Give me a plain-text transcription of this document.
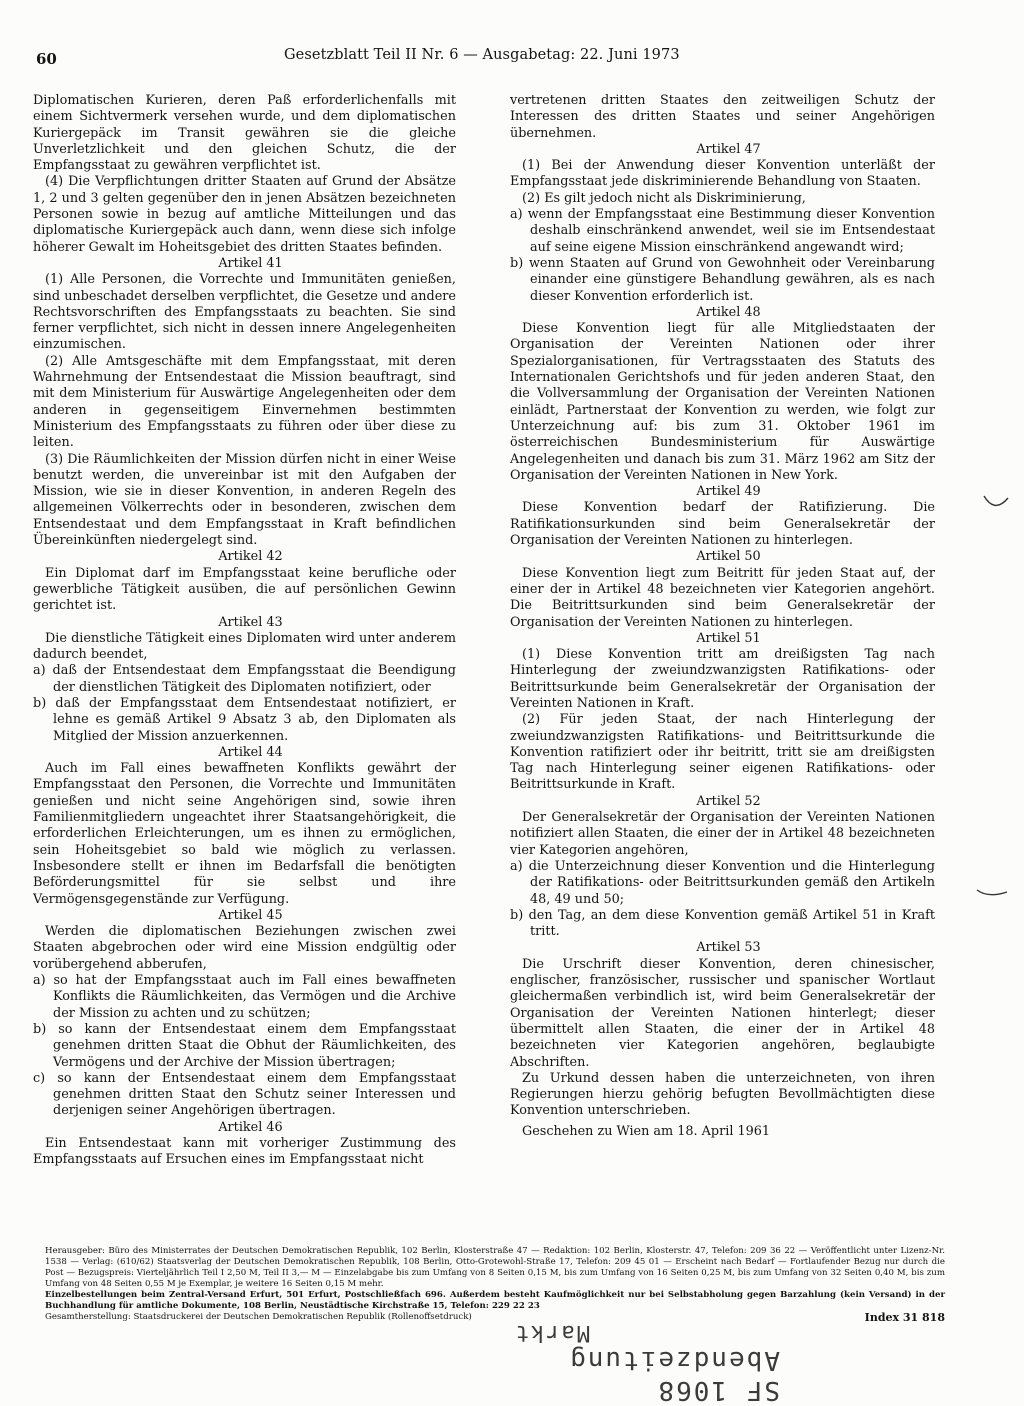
60	Gesetzblatt Teil II Nr. 6 — Ausgabetag: 22. Juni 1973

Diplomatischen Kurieren, deren Paß erforderlichenfalls mit einem Sichtvermerk versehen wurde, und dem diplomatischen Kuriergepäck im Transit gewähren sie die gleiche Unverletzlichkeit und den gleichen Schutz, die der Empfangsstaat zu gewähren verpflichtet ist.

(4) Die Verpflichtungen dritter Staaten auf Grund der Absätze 1, 2 und 3 gelten gegenüber den in jenen Absätzen bezeichneten Personen sowie in bezug auf amtliche Mitteilungen und das diplomatische Kuriergepäck auch dann, wenn diese sich infolge höherer Gewalt im Hoheitsgebiet des dritten Staates befinden.

Artikel 41

(1) Alle Personen, die Vorrechte und Immunitäten genießen, sind unbeschadet derselben verpflichtet, die Gesetze und andere Rechtsvorschriften des Empfangsstaats zu beachten. Sie sind ferner verpflichtet, sich nicht in dessen innere Angelegenheiten einzumischen.

(2) Alle Amtsgeschäfte mit dem Empfangsstaat, mit deren Wahrnehmung der Entsendestaat die Mission beauftragt, sind mit dem Ministerium für Auswärtige Angelegenheiten oder dem anderen in gegenseitigem Einvernehmen bestimmten Ministerium des Empfangsstaats zu führen oder über diese zu leiten.

(3) Die Räumlichkeiten der Mission dürfen nicht in einer Weise benutzt werden, die unvereinbar ist mit den Aufgaben der Mission, wie sie in dieser Konvention, in anderen Regeln des allgemeinen Völkerrechts oder in besonderen, zwischen dem Entsendestaat und dem Empfangsstaat in Kraft befindlichen Übereinkünften niedergelegt sind.

Artikel 42

Ein Diplomat darf im Empfangsstaat keine berufliche oder gewerbliche Tätigkeit ausüben, die auf persönlichen Gewinn gerichtet ist.

Artikel 43

Die dienstliche Tätigkeit eines Diplomaten wird unter anderem dadurch beendet,

a) daß der Entsendestaat dem Empfangsstaat die Beendigung der dienstlichen Tätigkeit des Diplomaten notifiziert, oder

b) daß der Empfangsstaat dem Entsendestaat notifiziert, er lehne es gemäß Artikel 9 Absatz 3 ab, den Diplomaten als Mitglied der Mission anzuerkennen.

Artikel 44

Auch im Fall eines bewaffneten Konflikts gewährt der Empfangsstaat den Personen, die Vorrechte und Immunitäten genießen und nicht seine Angehörigen sind, sowie ihren Familienmitgliedern ungeachtet ihrer Staatsangehörigkeit, die erforderlichen Erleichterungen, um es ihnen zu ermöglichen, sein Hoheitsgebiet so bald wie möglich zu verlassen. Insbesondere stellt er ihnen im Bedarfsfall die benötigten Beförderungsmittel für sie selbst und ihre Vermögensgegenstände zur Verfügung.

Artikel 45

Werden die diplomatischen Beziehungen zwischen zwei Staaten abgebrochen oder wird eine Mission endgültig oder vorübergehend abberufen,

a) so hat der Empfangsstaat auch im Fall eines bewaffneten Konflikts die Räumlichkeiten, das Vermögen und die Archive der Mission zu achten und zu schützen;

b) so kann der Entsendestaat einem dem Empfangsstaat genehmen dritten Staat die Obhut der Räumlichkeiten, des Vermögens und der Archive der Mission übertragen;

c) so kann der Entsendestaat einem dem Empfangsstaat genehmen dritten Staat den Schutz seiner Interessen und derjenigen seiner Angehörigen übertragen.

Artikel 46

Ein Entsendestaat kann mit vorheriger Zustimmung des Empfangsstaats auf Ersuchen eines im Empfangsstaat nicht

vertretenen dritten Staates den zeitweiligen Schutz der Interessen des dritten Staates und seiner Angehörigen übernehmen.

Artikel 47

(1) Bei der Anwendung dieser Konvention unterläßt der Empfangsstaat jede diskriminierende Behandlung von Staaten.

(2) Es gilt jedoch nicht als Diskriminierung,

a) wenn der Empfangsstaat eine Bestimmung dieser Konvention deshalb einschränkend anwendet, weil sie im Entsendestaat auf seine eigene Mission einschränkend angewandt wird;

b) wenn Staaten auf Grund von Gewohnheit oder Vereinbarung einander eine günstigere Behandlung gewähren, als es nach dieser Konvention erforderlich ist.

Artikel 48

Diese Konvention liegt für alle Mitgliedstaaten der Organisation der Vereinten Nationen oder ihrer Spezialorganisationen, für Vertragsstaaten des Statuts des Internationalen Gerichtshofs und für jeden anderen Staat, den die Vollversammlung der Organisation der Vereinten Nationen einlädt, Partnerstaat der Konvention zu werden, wie folgt zur Unterzeichnung auf: bis zum 31. Oktober 1961 im österreichischen Bundesministerium für Auswärtige Angelegenheiten und danach bis zum 31. März 1962 am Sitz der Organisation der Vereinten Nationen in New York.

Artikel 49

Diese Konvention bedarf der Ratifizierung. Die Ratifikationsurkunden sind beim Generalsekretär der Organisation der Vereinten Nationen zu hinterlegen.

Artikel 50

Diese Konvention liegt zum Beitritt für jeden Staat auf, der einer der in Artikel 48 bezeichneten vier Kategorien angehört. Die Beitrittsurkunden sind beim Generalsekretär der Organisation der Vereinten Nationen zu hinterlegen.

Artikel 51

(1) Diese Konvention tritt am dreißigsten Tag nach Hinterlegung der zweiundzwanzigsten Ratifikations- oder Beitrittsurkunde beim Generalsekretär der Organisation der Vereinten Nationen in Kraft.

(2) Für jeden Staat, der nach Hinterlegung der zweiundzwanzigsten Ratifikations- und Beitrittsurkunde die Konvention ratifiziert oder ihr beitritt, tritt sie am dreißigsten Tag nach Hinterlegung seiner eigenen Ratifikations- oder Beitrittsurkunde in Kraft.

Artikel 52

Der Generalsekretär der Organisation der Vereinten Nationen notifiziert allen Staaten, die einer der in Artikel 48 bezeichneten vier Kategorien angehören,

a) die Unterzeichnung dieser Konvention und die Hinterlegung der Ratifikations- oder Beitrittsurkunden gemäß den Artikeln 48, 49 und 50;

b) den Tag, an dem diese Konvention gemäß Artikel 51 in Kraft tritt.

Artikel 53

Die Urschrift dieser Konvention, deren chinesischer, englischer, französischer, russischer und spanischer Wortlaut gleichermaßen verbindlich ist, wird beim Generalsekretär der Organisation der Vereinten Nationen hinterlegt; dieser übermittelt allen Staaten, die einer der in Artikel 48 bezeichneten vier Kategorien angehören, beglaubigte Abschriften.

Zu Urkund dessen haben die unterzeichneten, von ihren Regierungen hierzu gehörig befugten Bevollmächtigten diese Konvention unterschrieben.

Geschehen zu Wien am 18. April 1961

Herausgeber: Büro des Ministerrates der Deutschen Demokratischen Republik, 102 Berlin, Klosterstraße 47 — Redaktion: 102 Berlin, Klosterstr. 47, Telefon: 209 36 22 — Veröffentlicht unter Lizenz-Nr. 1538 — Verlag: (610/62) Staatsverlag der Deutschen Demokratischen Republik, 108 Berlin, Otto-Grotewohl-Straße 17, Telefon: 209 45 01 — Erscheint nach Bedarf — Fortlaufender Bezug nur durch die Post — Bezugspreis: Vierteljährlich Teil I 2,50 M, Teil II 3,— M — Einzelabgabe bis zum Umfang von 8 Seiten 0,15 M, bis zum Umfang von 16 Seiten 0,25 M, bis zum Umfang von 32 Seiten 0,40 M, bis zum Umfang von 48 Seiten 0,55 M je Exemplar, je weitere 16 Seiten 0,15 M mehr.
Einzelbestellungen beim Zentral-Versand Erfurt, 501 Erfurt, Postschließfach 696. Außerdem besteht Kaufmöglichkeit nur bei Selbstabholung gegen Barzahlung (kein Versand) in der Buchhandlung für amtliche Dokumente, 108 Berlin, Neustädtische Kirchstraße 15, Telefon: 229 22 23
Gesamtherstellung: Staatsdruckerei der Deutschen Demokratischen Republik (Rollenoffsetdruck)	Index 31 818
SF 1068 Abendzeitung
Markt
